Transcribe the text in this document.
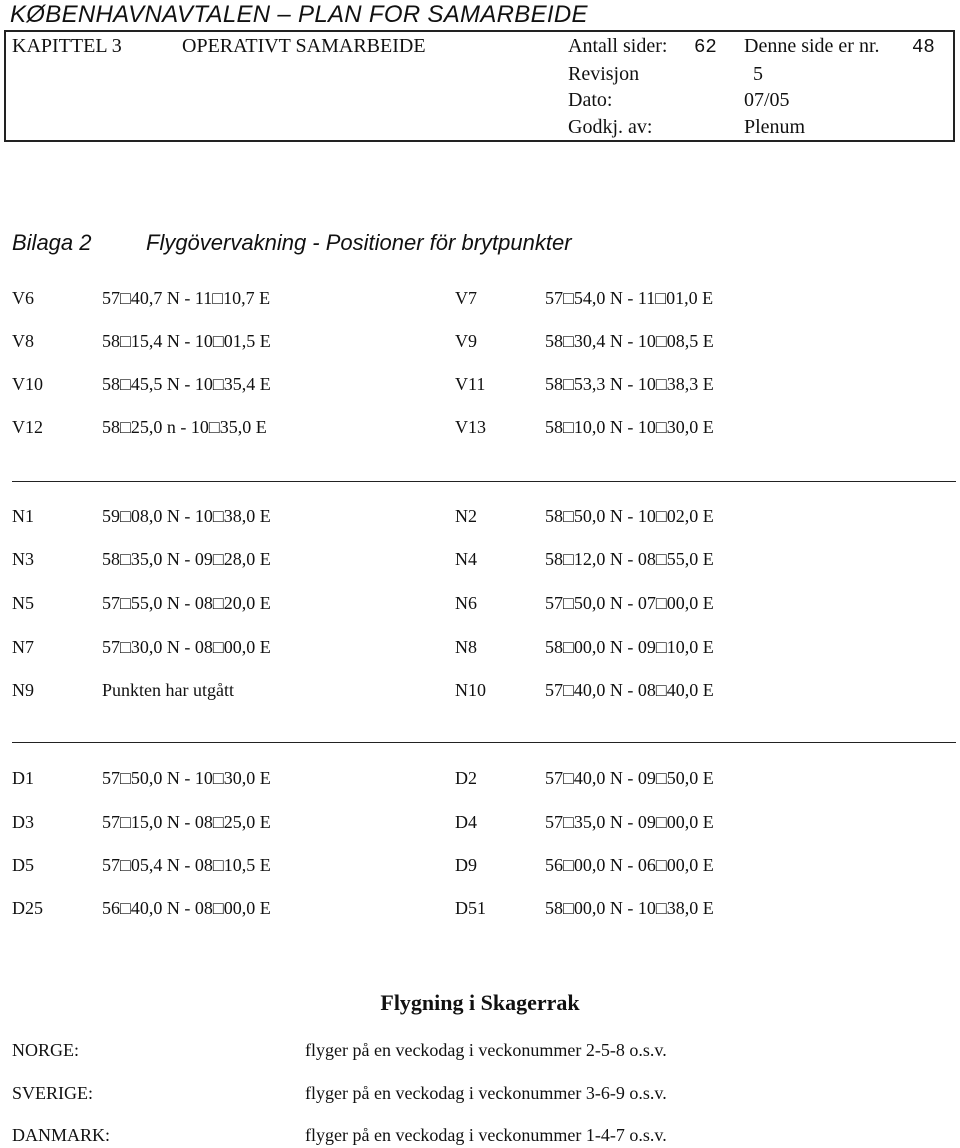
KØBENHAVNAVTALEN – PLAN FOR SAMARBEIDE
KAPITTEL 3	OPERATIVT SAMARBEIDE	Antall sider: 62 Denne side er nr. 48
Revisjon	5
Dato:	07/05
Godkj. av:	Plenum
Bilaga 2 Flygövervakning - Positioner för brytpunkter
V6	57□40,7 N - 11□10,7 E	V7	57□54,0 N - 11□01,0 E
V8	58□15,4 N - 10□01,5 E	V9	58□30,4 N - 10□08,5 E
V10	58□45,5 N - 10□35,4 E	V11	58□53,3 N - 10□38,3 E
V12	58□25,0 n - 10□35,0 E	V13	58□10,0 N - 10□30,0 E
N1	59□08,0 N - 10□38,0 E	N2	58□50,0 N - 10□02,0 E
N3	58□35,0 N - 09□28,0 E	N4	58□12,0 N - 08□55,0 E
N5	57□55,0 N - 08□20,0 E	N6	57□50,0 N - 07□00,0 E
N7	57□30,0 N - 08□00,0 E	N8	58□00,0 N - 09□10,0 E
N9	Punkten har utgått	N10	57□40,0 N - 08□40,0 E
D1	57□50,0 N - 10□30,0 E	D2	57□40,0 N - 09□50,0 E
D3	57□15,0 N - 08□25,0 E	D4	57□35,0 N - 09□00,0 E
D5	57□05,4 N - 08□10,5 E	D9	56□00,0 N - 06□00,0 E
D25	56□40,0 N - 08□00,0 E	D51	58□00,0 N - 10□38,0 E
Flygning i Skagerrak
NORGE:	flyger på en veckodag i veckonummer 2-5-8 o.s.v.
SVERIGE:	flyger på en veckodag i veckonummer 3-6-9 o.s.v.
DANMARK:	flyger på en veckodag i veckonummer 1-4-7 o.s.v.
